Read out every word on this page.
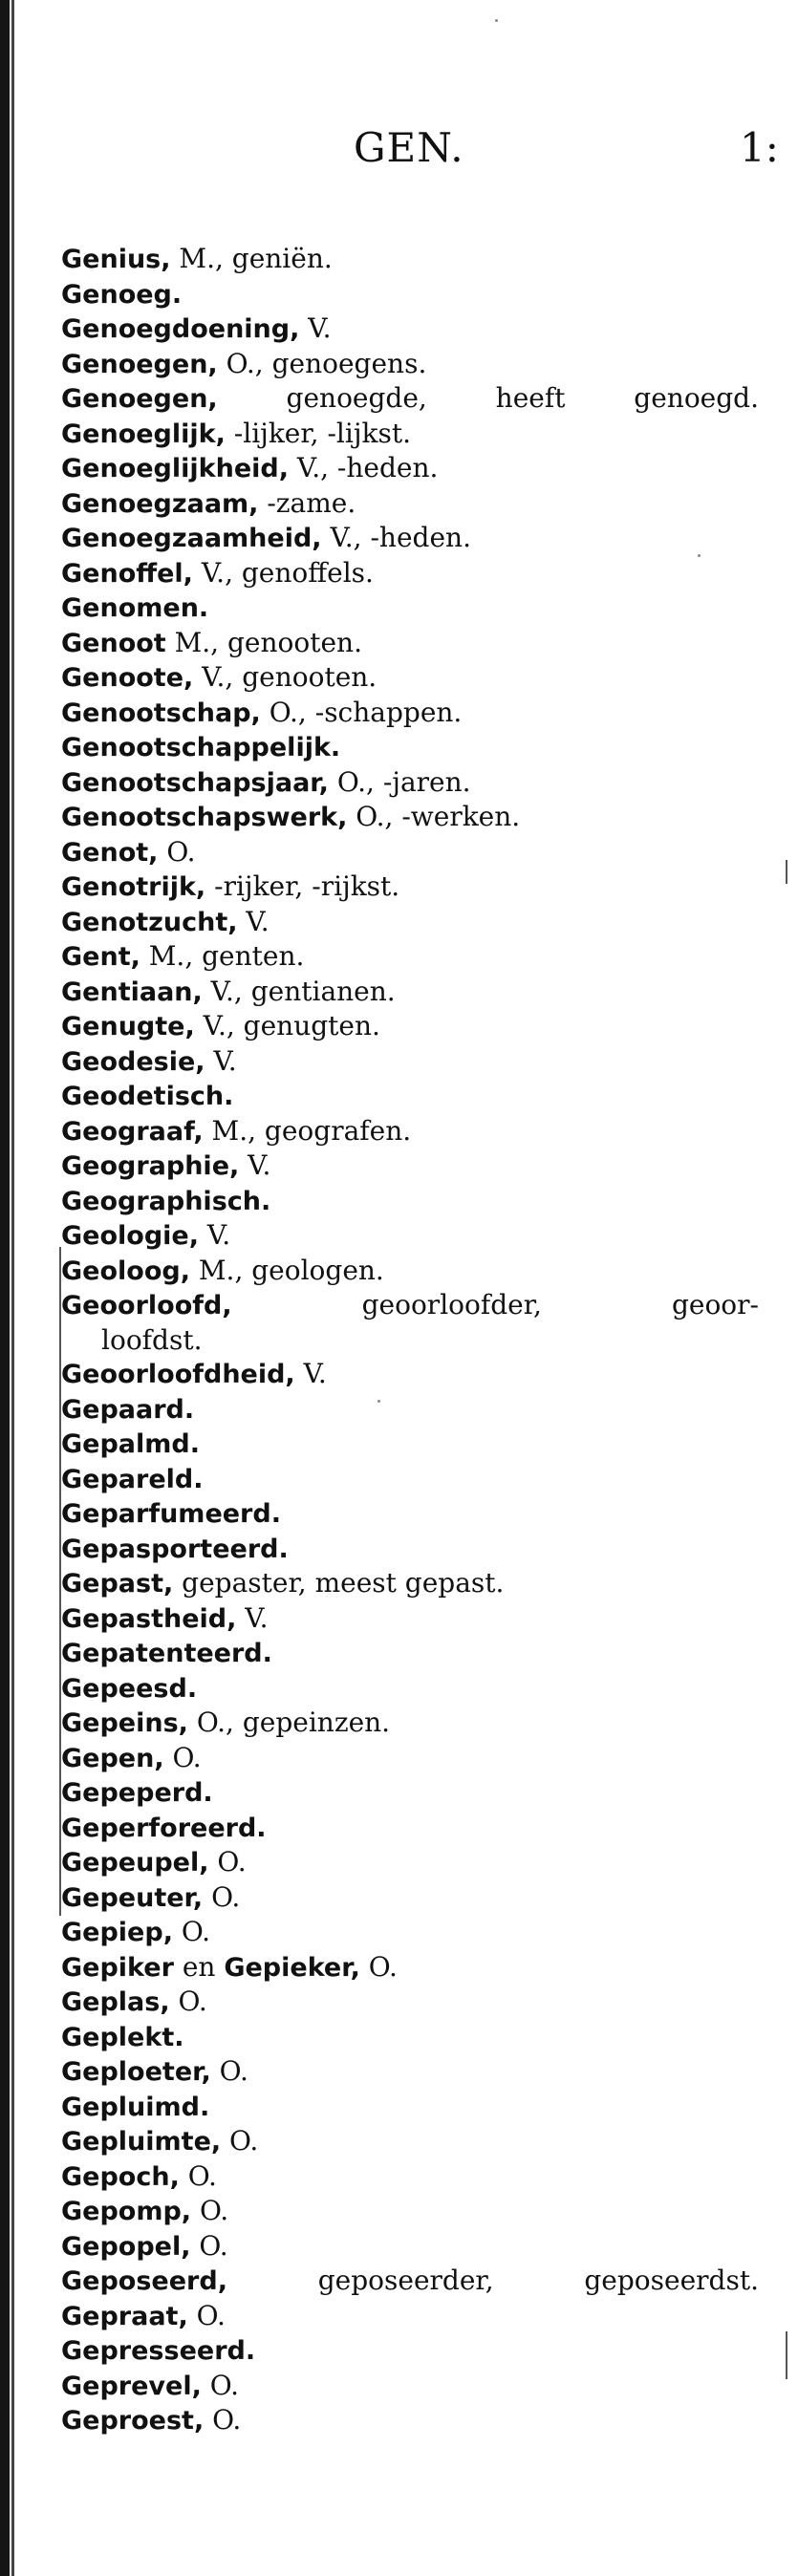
GEN.	1:
Genius, M., geniën.
Genoeg.
Genoegdoening, V.
Genoegen, O., genoegens.
Genoegen, genoegde, heeft genoegd.
Genoeglijk, -lijker, -lijkst.
Genoeglijkheid, V., -heden.
Genoegzaam, -zame.
Genoegzaamheid, V., -heden.
Genoffel, V., genoffels.
Genomen.
Genoot M., genooten.
Genoote, V., genooten.
Genootschap, O., -schappen.
Genootschappelijk.
Genootschapsjaar, O., -jaren.
Genootschapswerk, O., -werken.
Genot, O.
Genotrijk, -rijker, -rijkst.
Genotzucht, V.
Gent, M., genten.
Gentiaan, V., gentianen.
Genugte, V., genugten.
Geodesie, V.
Geodetisch.
Geograaf, M., geografen.
Geographie, V.
Geographisch.
Geologie, V.
Geoloog, M., geologen.
Geoorloofd, geoorloofder, geoor-
loofdst.
Geoorloofdheid, V.
Gepaard.
Gepalmd.
Gepareld.
Geparfumeerd.
Gepasporteerd.
Gepast, gepaster, meest gepast.
Gepastheid, V.
Gepatenteerd.
Gepeesd.
Gepeins, O., gepeinzen.
Gepen, O.
Gepeperd.
Geperforeerd.
Gepeupel, O.
Gepeuter, O.
Gepiep, O.
Gepiker en Gepieker, O.
Geplas, O.
Geplekt.
Geploeter, O.
Gepluimd.
Gepluimte, O.
Gepoch, O.
Gepomp, O.
Gepopel, O.
Geposeerd, geposeerder, geposeerdst.
Gepraat, O.
Gepresseerd.
Geprevel, O.
Geproest, O.
